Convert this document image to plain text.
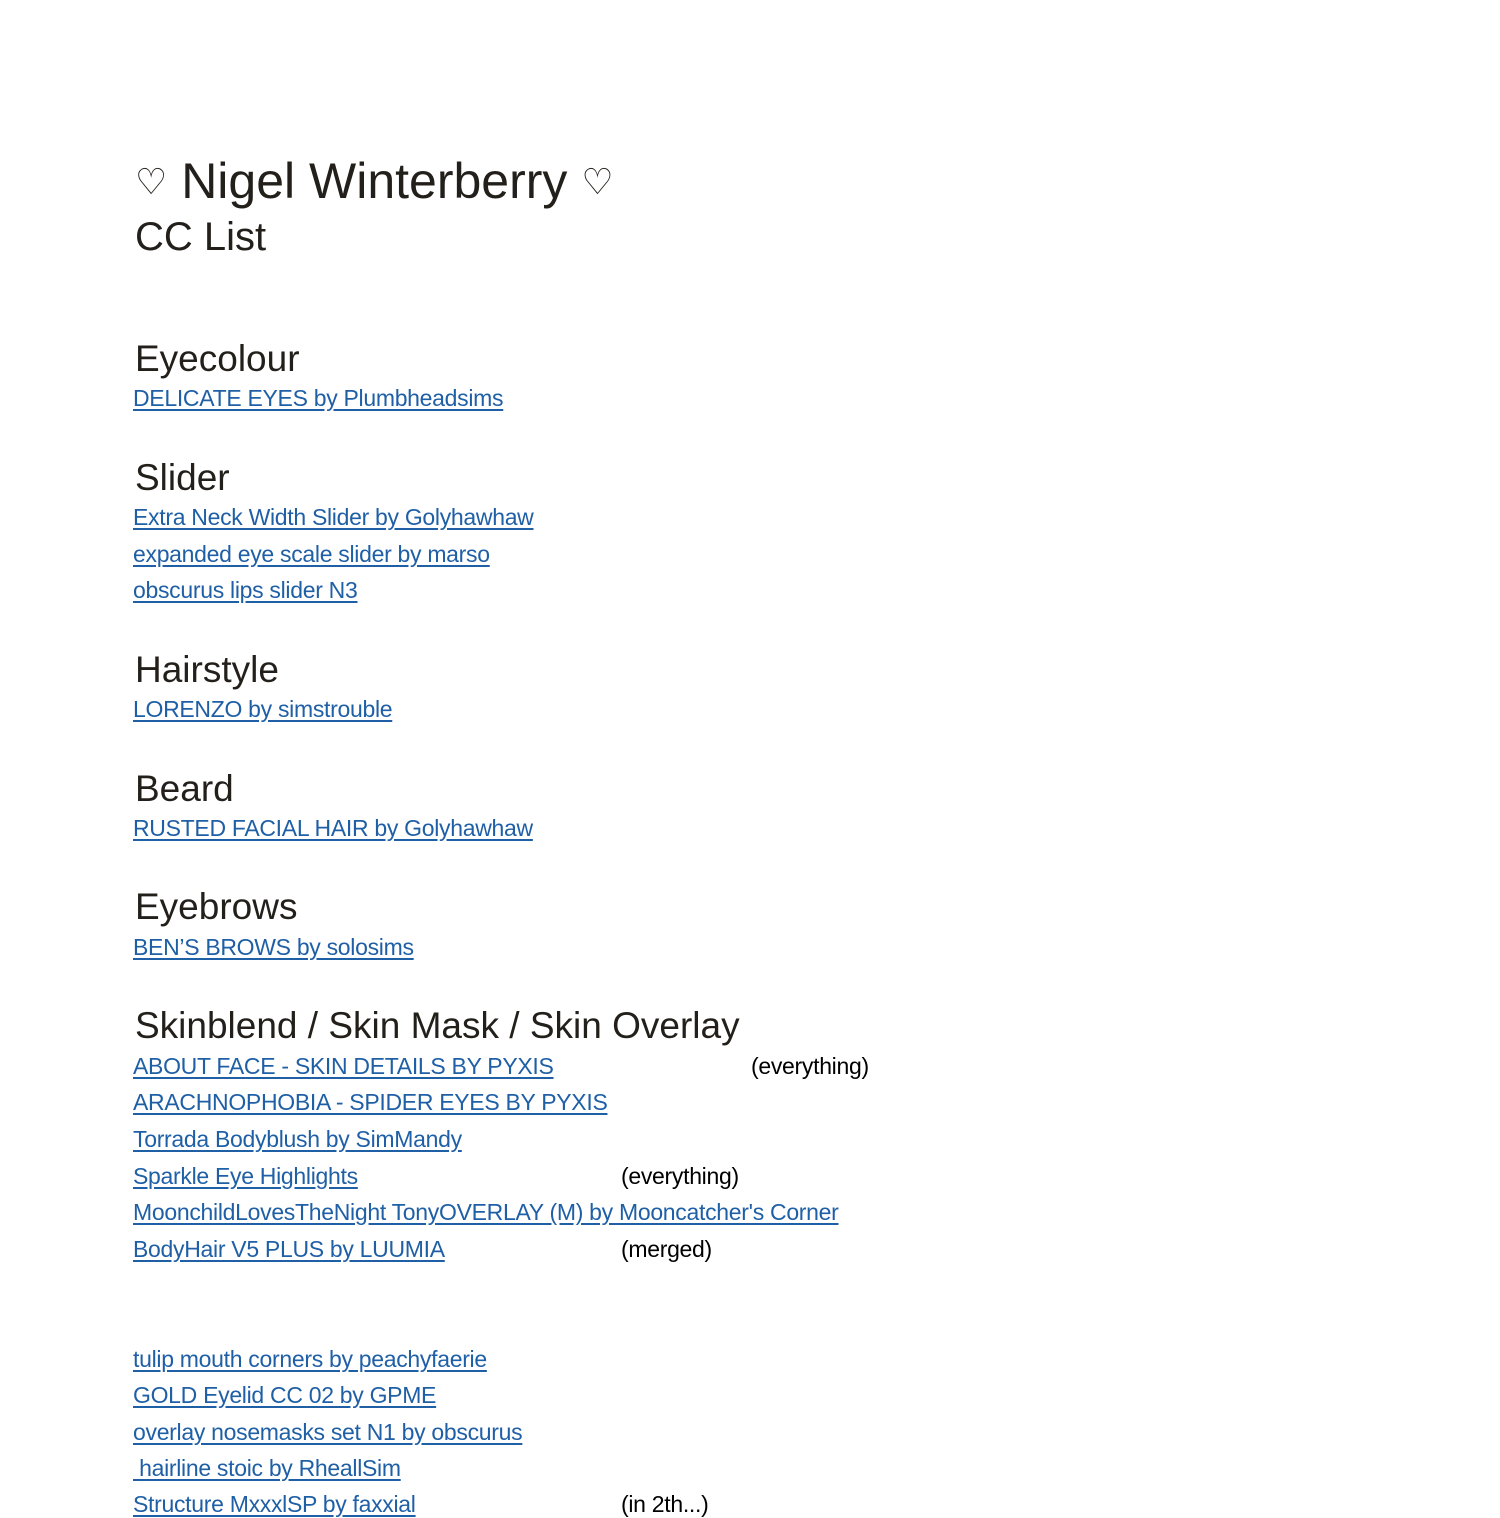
♡ Nigel Winterberry ♡
CC List
Eyecolour
DELICATE EYES by Plumbheadsims
Slider
Extra Neck Width Slider by Golyhawhaw
expanded eye scale slider by marso
obscurus lips slider N3
Hairstyle
LORENZO by simstrouble
Beard
RUSTED FACIAL HAIR by Golyhawhaw
Eyebrows
BEN’S BROWS by solosims
Skinblend / Skin Mask / Skin Overlay
ABOUT FACE - SKIN DETAILS BY PYXIS	(everything)
ARACHNOPHOBIA - SPIDER EYES BY PYXIS
Torrada Bodyblush by SimMandy
Sparkle Eye Highlights	(everything)
MoonchildLovesTheNight TonyOVERLAY (M) by Mooncatcher's Corner
BodyHair V5 PLUS by LUUMIA	(merged)
tulip mouth corners by peachyfaerie
GOLD Eyelid CC 02 by GPME
overlay nosemasks set N1 by obscurus
hairline stoic by RheallSim
Structure MxxxlSP by faxxial	(in 2th...)
